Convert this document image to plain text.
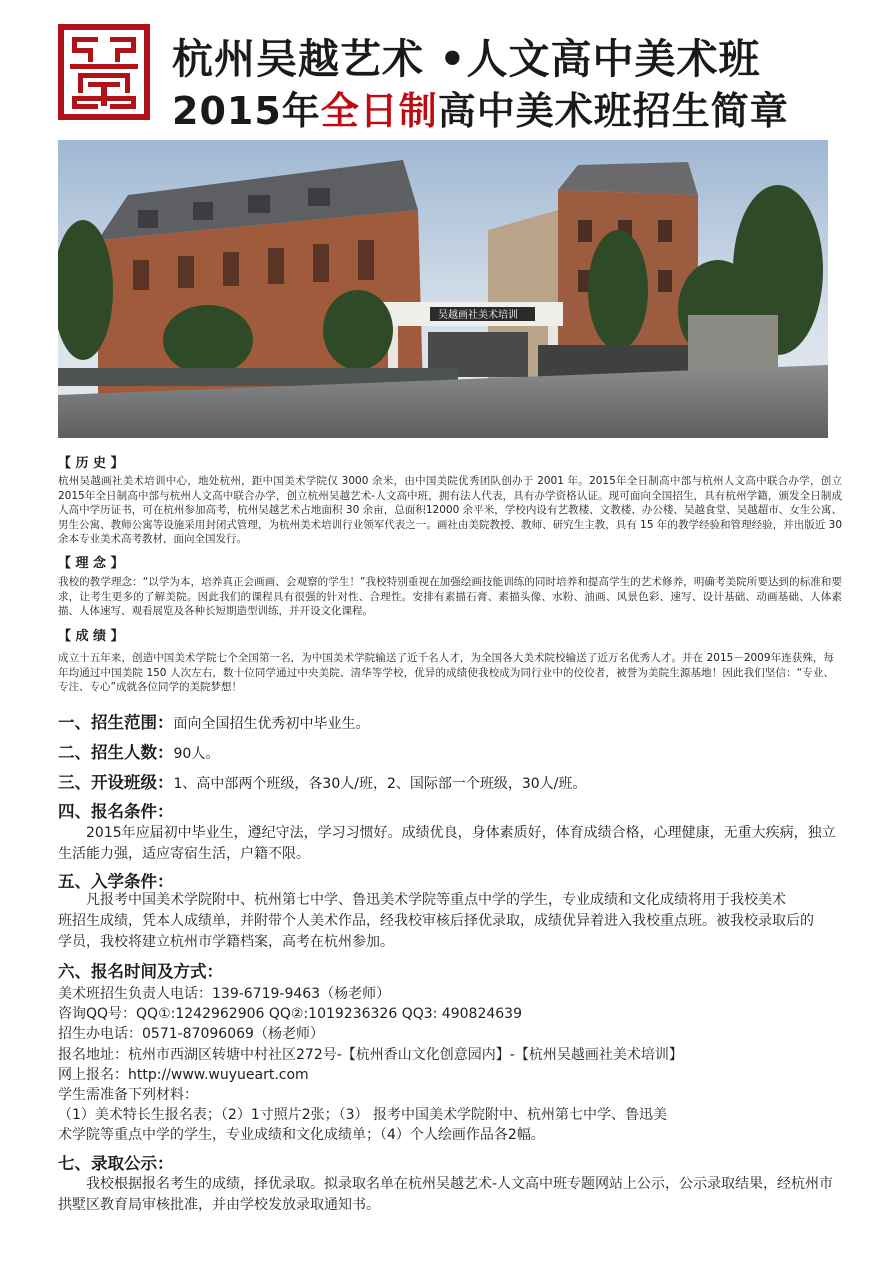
杭州吴越艺术 •人文高中美术班
2015年全日制高中美术班招生简章
吴越画社美术培训
【 历 史 】
杭州吴越画社美术培训中心，地处杭州，距中国美术学院仅 3000 余米，由中国美院优秀团队创办于 2001 年。2015年全日制高中部与杭州人文高中联合办学，创立2015年全日制高中部与杭州人文高中联合办学，创立杭州吴越艺术-人文高中班，拥有法人代表，具有办学资格认证。现可面向全国招生，具有杭州学籍，颁发全日制成人高中学历证书，可在杭州参加高考，杭州吴越艺术占地面积 30 余亩，总面积12000 余平米，学校内设有艺教楼、文教楼、办公楼、吴越食堂、吴越超市、女生公寓、男生公寓、教师公寓等设施采用封闭式管理，为杭州美术培训行业领军代表之一。画社由美院教授、教师、研究生主教，具有 15 年的教学经验和管理经验，并出版近 30 余本专业美术高考教材，面向全国发行。
【 理 念 】
我校的教学理念：“以学为本，培养真正会画画、会观察的学生！”我校特别重视在加强绘画技能训练的同时培养和提高学生的艺术修养，明确考美院所要达到的标准和要求，让考生更多的了解美院。因此我们的课程具有很强的针对性、合理性。安排有素描石膏、素描头像、水粉、油画、风景色彩、速写、设计基础、动画基础、人体素描、人体速写、观看展览及各种长短期造型训练，并开设文化课程。
【 成 绩 】
成立十五年来，创造中国美术学院七个全国第一名，为中国美术学院输送了近千名人才，为全国各大美术院校输送了近万名优秀人才。并在 2015－2009年连获殊，每年均通过中国美院 150 人次左右，数十位同学通过中央美院、清华等学校，优异的成绩使我校成为同行业中的佼佼者，被誉为美院生源基地！因此我们坚信：“专业、专注、专心”成就各位同学的美院梦想！
一、招生范围：面向全国招生优秀初中毕业生。
二、招生人数：90人。
三、开设班级：1、高中部两个班级，各30人/班，2、国际部一个班级，30人/班。
四、报名条件：
2015年应届初中毕业生，遵纪守法，学习习惯好。成绩优良，身体素质好，体育成绩合格，心理健康，无重大疾病，独立生活能力强，适应寄宿生活，户籍不限。
五、入学条件：
凡报考中国美术学院附中、杭州第七中学、鲁迅美术学院等重点中学的学生，专业成绩和文化成绩将用于我校美术
班招生成绩，凭本人成绩单，并附带个人美术作品，经我校审核后择优录取，成绩优异着进入我校重点班。被我校录取后的
学员，我校将建立杭州市学籍档案，高考在杭州参加。
六、报名时间及方式：
美术班招生负责人电话：139-6719-9463（杨老师）
咨询QQ号：QQ①:1242962906 QQ②:1019236326 QQ3: 490824639
招生办电话：0571-87096069（杨老师）
报名地址：杭州市西湖区转塘中村社区272号-【杭州香山文化创意园内】-【杭州吴越画社美术培训】
网上报名：http://www.wuyueart.com
学生需准备下列材料：
（1）美术特长生报名表；（2）1寸照片2张；（3） 报考中国美术学院附中、杭州第七中学、鲁迅美
术学院等重点中学的学生，专业成绩和文化成绩单；（4）个人绘画作品各2幅。
七、录取公示：
我校根据报名考生的成绩，择优录取。拟录取名单在杭州吴越艺术-人文高中班专题网站上公示，公示录取结果，经杭州市拱墅区教育局审核批准，并由学校发放录取通知书。
